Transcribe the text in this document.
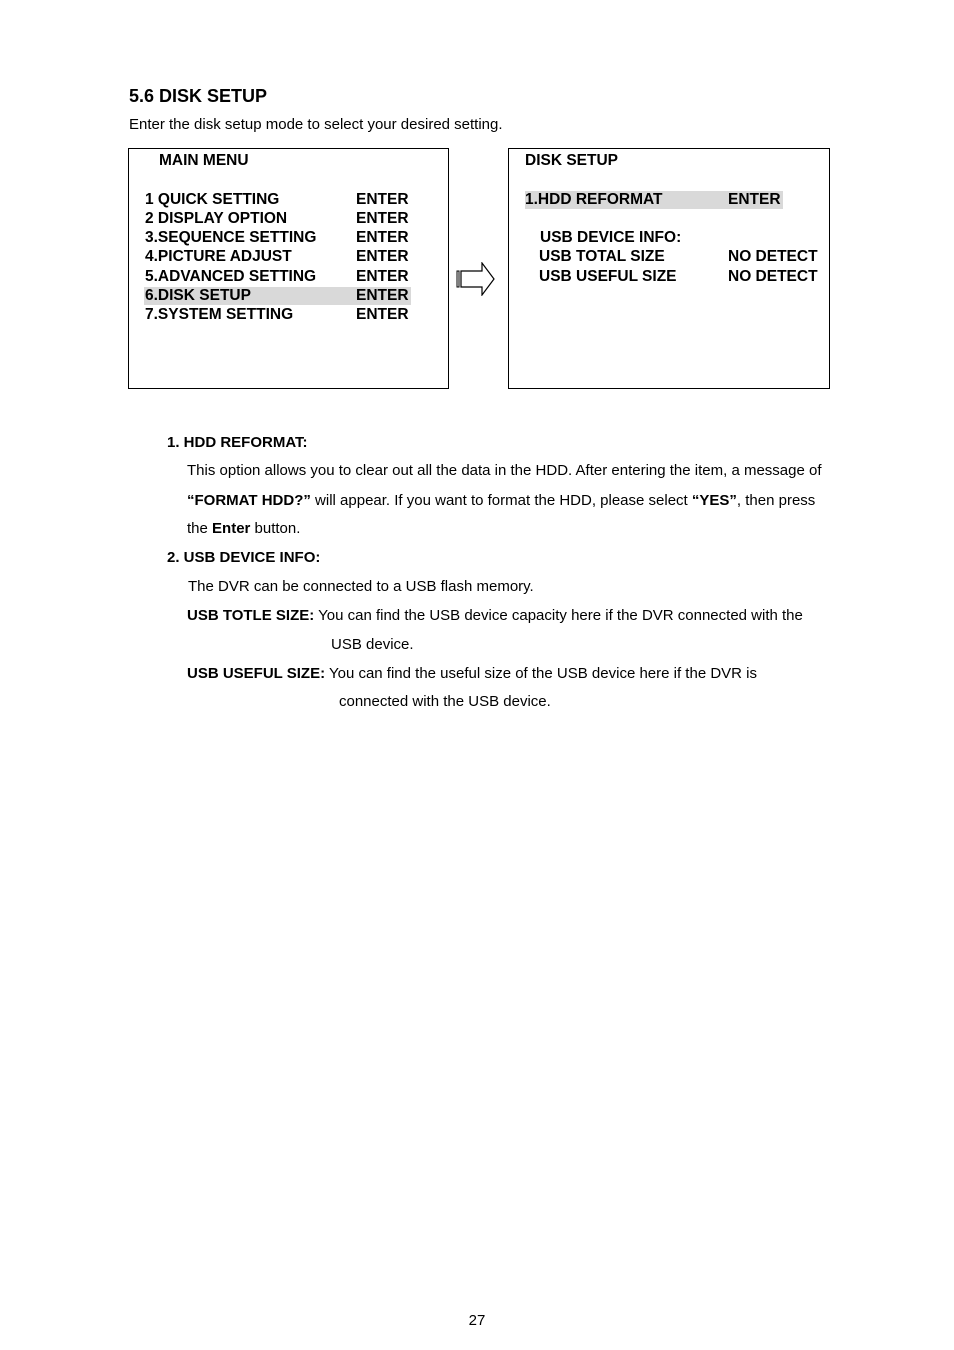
5.6 DISK SETUP
Enter the disk setup mode to select your desired setting.
MAIN MENU
1 QUICK SETTING	ENTER
2 DISPLAY OPTION	ENTER
3.SEQUENCE SETTING	ENTER
4.PICTURE ADJUST	ENTER
5.ADVANCED SETTING	ENTER
6.DISK SETUP	ENTER
7.SYSTEM SETTING	ENTER
DISK SETUP
1.HDD REFORMAT	ENTER
USB DEVICE INFO:
USB TOTAL SIZE	NO DETECT
USB USEFUL SIZE	NO DETECT
1. HDD REFORMAT:
This option allows you to clear out all the data in the HDD. After entering the item, a message of
“FORMAT HDD?” will appear. If you want to format the HDD, please select “YES”, then press
the Enter button.
2. USB DEVICE INFO:
The DVR can be connected to a USB flash memory.
USB TOTLE SIZE: You can find the USB device capacity here if the DVR connected with the
USB device.
USB USEFUL SIZE: You can find the useful size of the USB device here if the DVR is
connected with the USB device.
27
